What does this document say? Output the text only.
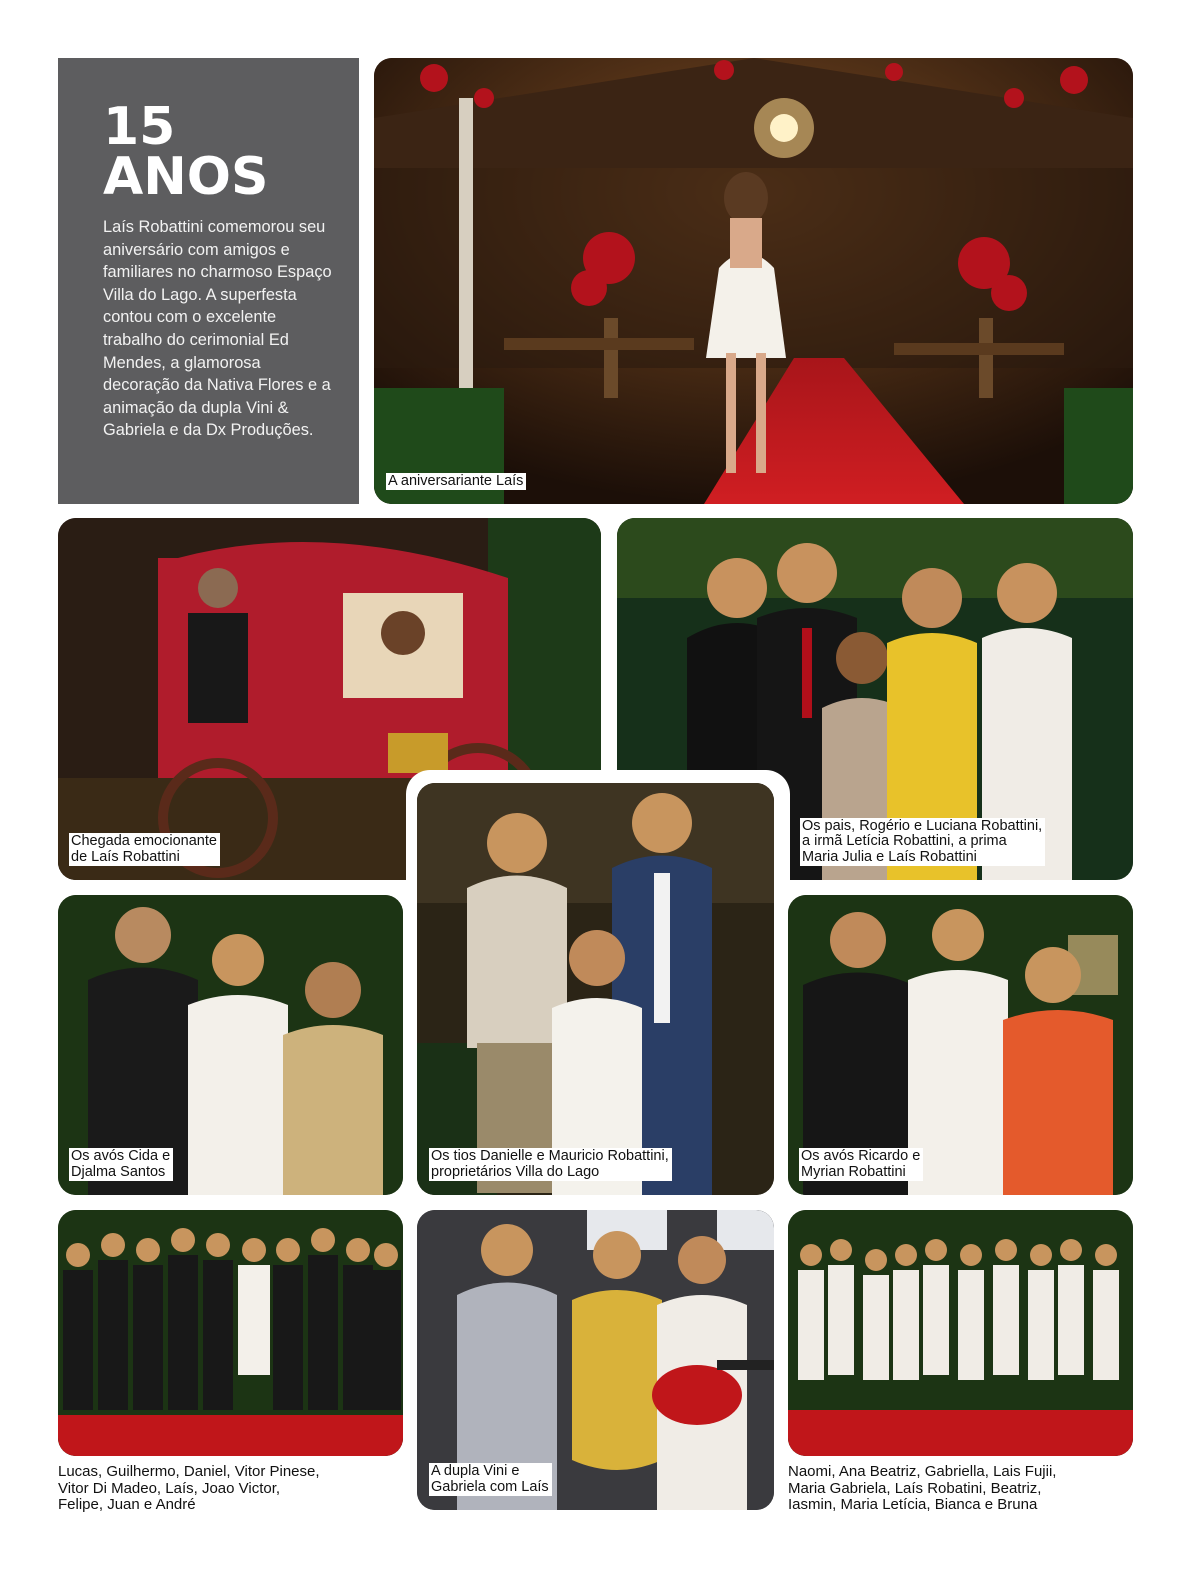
15
ANOS
Laís Robattini comemorou seu aniversário com amigos e familiares no charmoso Espaço Villa do Lago. A superfesta contou com o excelente trabalho do cerimonial Ed Mendes, a glamorosa decoração da Nativa Flores e a animação da dupla Vini & Gabriela e da Dx Produções.
A aniversariante Laís
Chegada emocionante
de Laís Robattini
Os pais, Rogério e Luciana Robattini,
a irmã Letícia Robattini, a prima
Maria Julia e Laís Robattini
Os tios Danielle e Mauricio Robattini,
proprietários Villa do Lago
Os avós Cida e
Djalma Santos
Os avós Ricardo e
Myrian Robattini
Lucas, Guilhermo, Daniel, Vitor Pinese,
Vitor Di Madeo, Laís, Joao Victor,
Felipe, Juan e André
A dupla Vini e
Gabriela com Laís
Naomi, Ana Beatriz, Gabriella, Lais Fujii,
Maria Gabriela, Laís Robatini, Beatriz,
Iasmin, Maria Letícia, Bianca e Bruna
